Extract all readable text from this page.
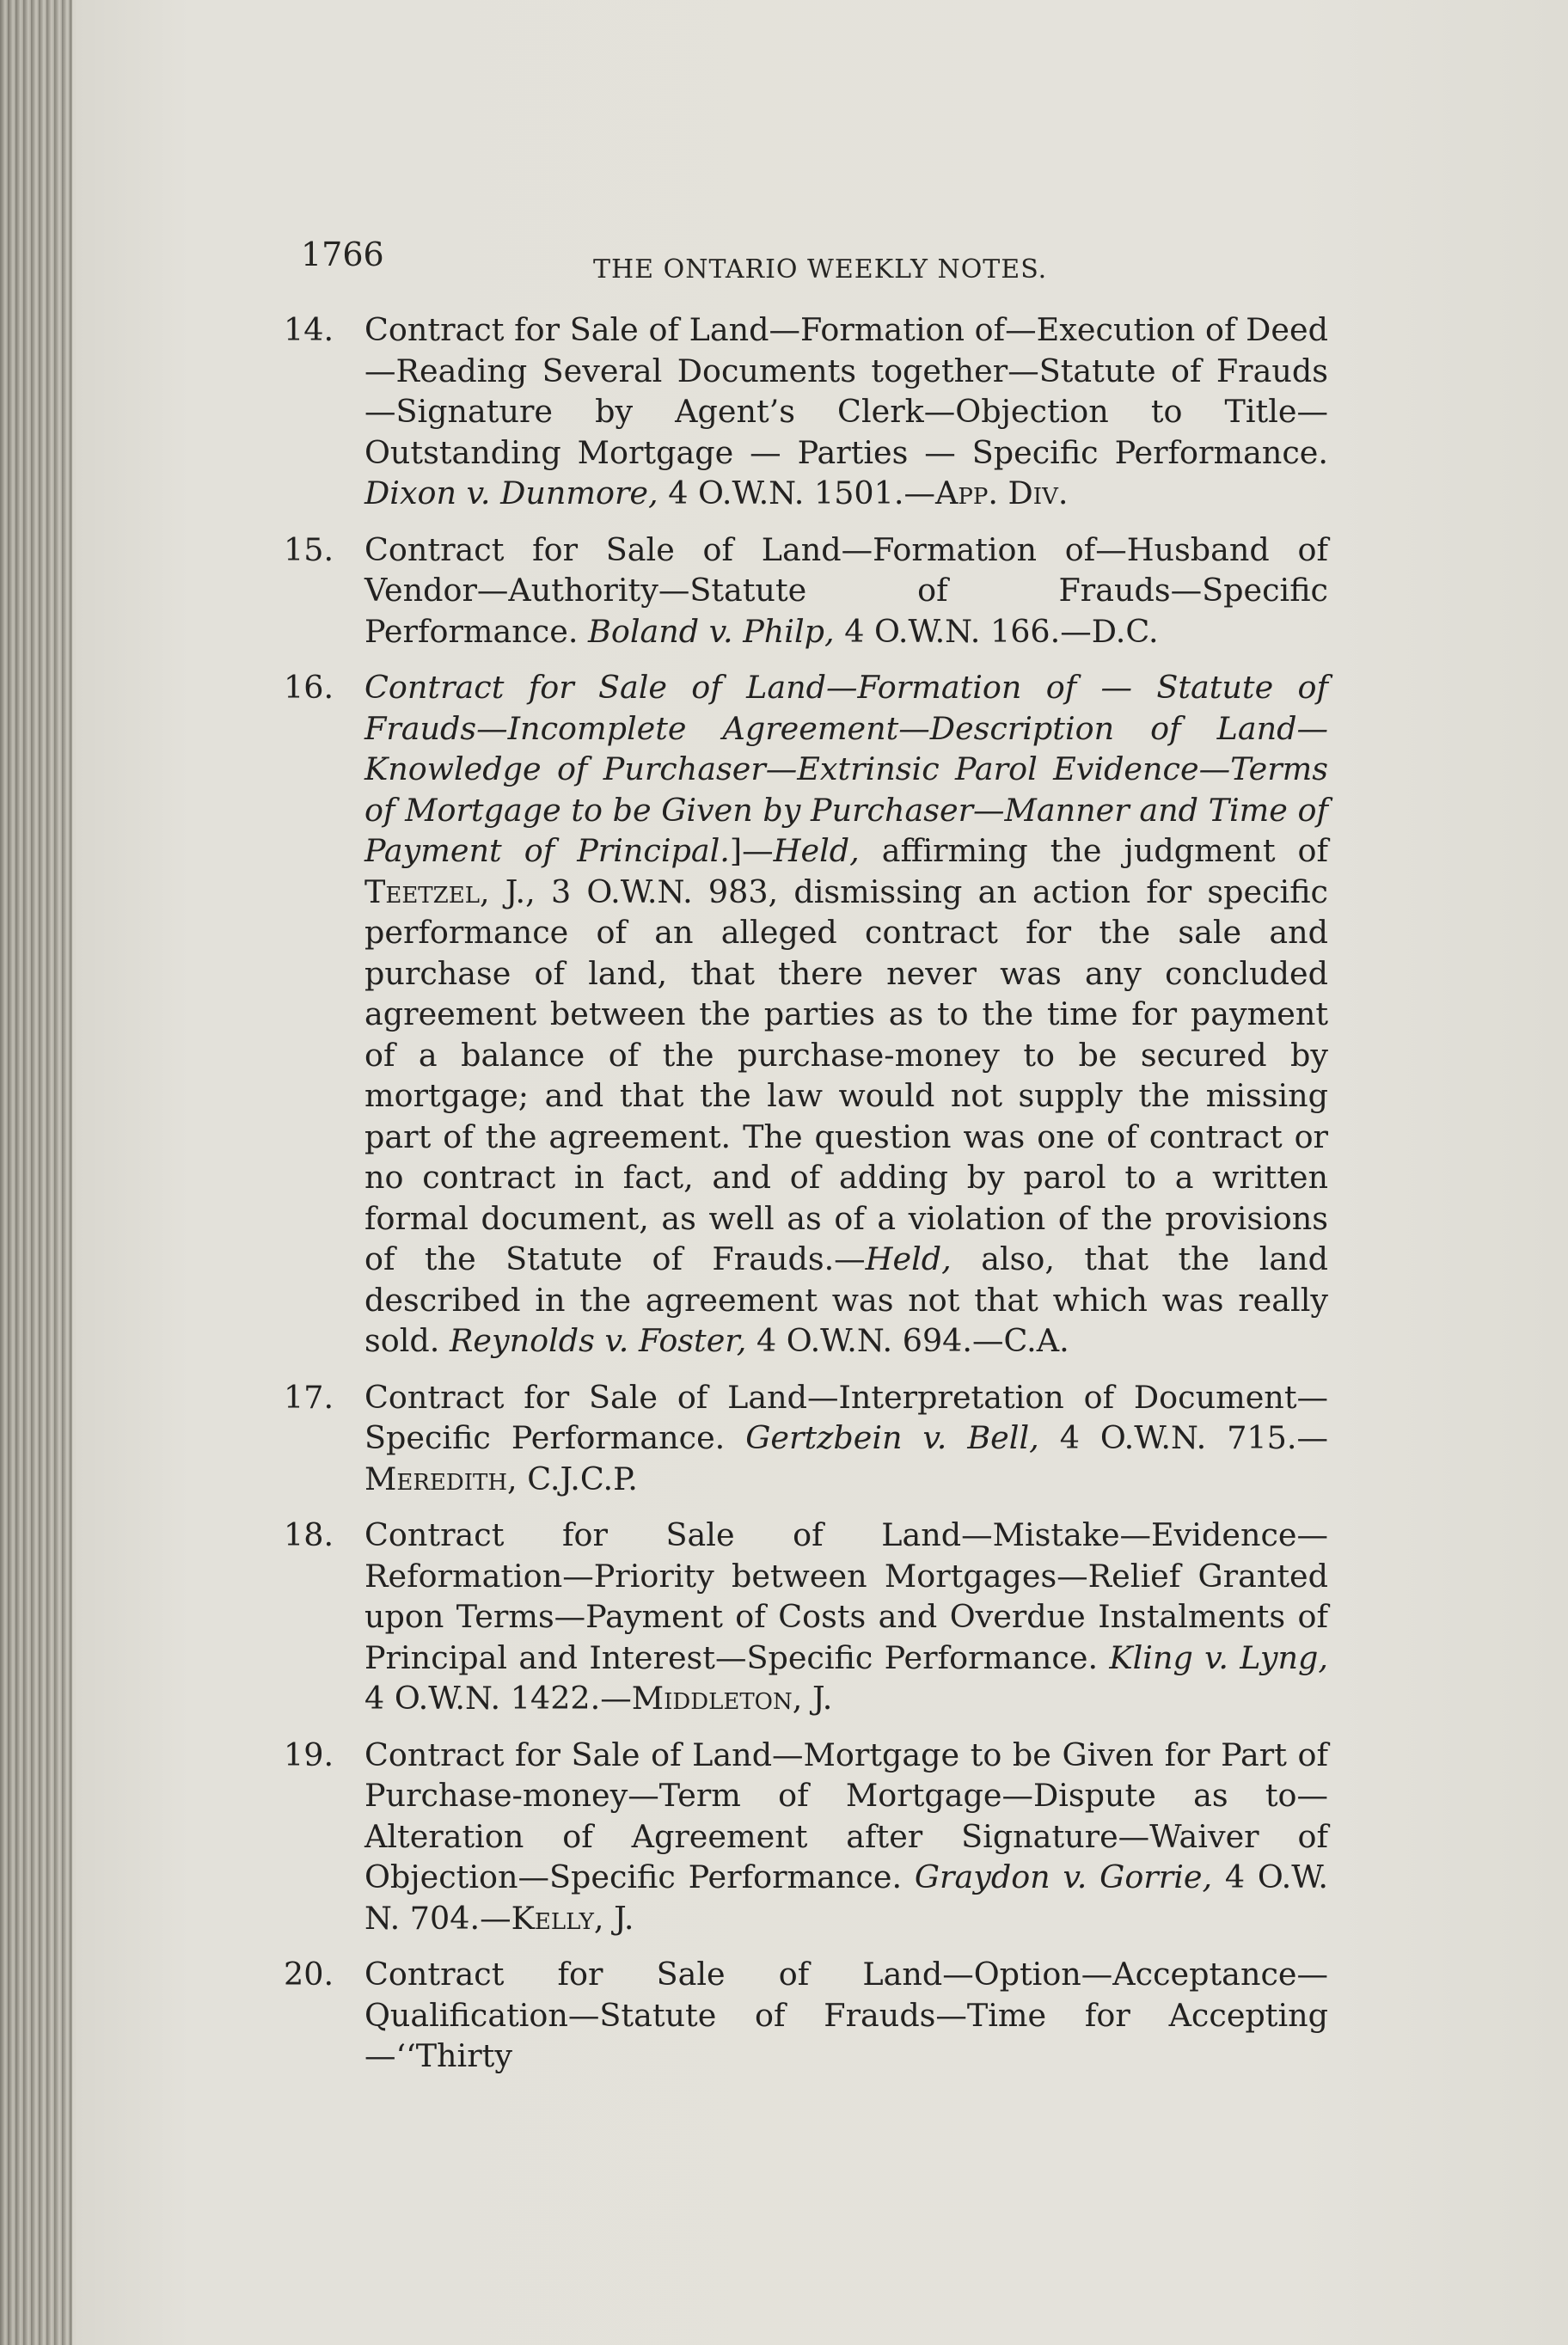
1766	THE ONTARIO WEEKLY NOTES.
14. Contract for Sale of Land—Formation of—Execution of Deed—Reading Several Documents together—Statute of Frauds—Signature by Agent’s Clerk—Objection to Title—Outstanding Mortgage — Parties — Specific Performance. Dixon v. Dunmore, 4 O.W.N. 1501.—App. Div.
15. Contract for Sale of Land—Formation of—Husband of Vendor—Authority—Statute of Frauds—Specific Performance. Boland v. Philp, 4 O.W.N. 166.—D.C.
16. Contract for Sale of Land—Formation of — Statute of Frauds—Incomplete Agreement—Description of Land—Knowledge of Purchaser—Extrinsic Parol Evidence—Terms of Mortgage to be Given by Purchaser—Manner and Time of Payment of Principal.]—Held, affirming the judgment of Teetzel, J., 3 O.W.N. 983, dismissing an action for specific performance of an alleged contract for the sale and purchase of land, that there never was any concluded agreement between the parties as to the time for payment of a balance of the purchase-money to be secured by mortgage; and that the law would not supply the missing part of the agreement. The question was one of contract or no contract in fact, and of adding by parol to a written formal document, as well as of a violation of the provisions of the Statute of Frauds.—Held, also, that the land described in the agreement was not that which was really sold. Reynolds v. Foster, 4 O.W.N. 694.—C.A.
17. Contract for Sale of Land—Interpretation of Document—Specific Performance. Gertzbein v. Bell, 4 O.W.N. 715.—Meredith, C.J.C.P.
18. Contract for Sale of Land—Mistake—Evidence—Reformation—Priority between Mortgages—Relief Granted upon Terms—Payment of Costs and Overdue Instalments of Principal and Interest—Specific Performance. Kling v. Lyng, 4 O.W.N. 1422.—Middleton, J.
19. Contract for Sale of Land—Mortgage to be Given for Part of Purchase-money—Term of Mortgage—Dispute as to—Alteration of Agreement after Signature—Waiver of Objection—Specific Performance. Graydon v. Gorrie, 4 O.W. N. 704.—Kelly, J.
20. Contract for Sale of Land—Option—Acceptance—Qualification—Statute of Frauds—Time for Accepting—‘‘Thirty
